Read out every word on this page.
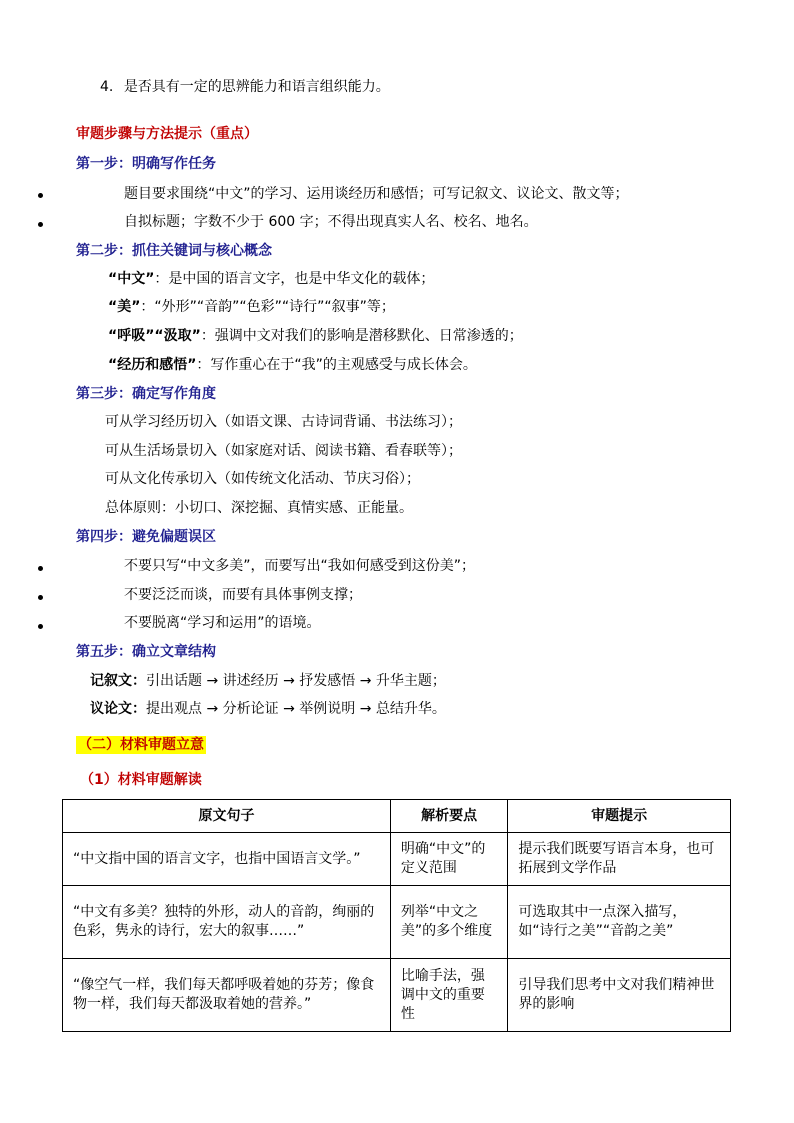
4. 是否具有一定的思辨能力和语言组织能力。
审题步骤与方法提示（重点）
第一步：明确写作任务
题目要求围绕“中文”的学习、运用谈经历和感悟；可写记叙文、议论文、散文等；
自拟标题；字数不少于 600 字；不得出现真实人名、校名、地名。
第二步：抓住关键词与核心概念
“中文”：是中国的语言文字，也是中华文化的载体；
“美”：“外形”“音韵”“色彩”“诗行”“叙事”等；
“呼吸”“汲取”：强调中文对我们的影响是潜移默化、日常渗透的；
“经历和感悟”：写作重心在于“我”的主观感受与成长体会。
第三步：确定写作角度
可从学习经历切入（如语文课、古诗词背诵、书法练习）；
可从生活场景切入（如家庭对话、阅读书籍、看春联等）；
可从文化传承切入（如传统文化活动、节庆习俗）；
总体原则：小切口、深挖掘、真情实感、正能量。
第四步：避免偏题误区
不要只写“中文多美”，而要写出“我如何感受到这份美”；
不要泛泛而谈，而要有具体事例支撑；
不要脱离“学习和运用”的语境。
第五步：确立文章结构
记叙文：引出话题 → 讲述经历 → 抒发感悟 → 升华主题；
议论文：提出观点 → 分析论证 → 举例说明 → 总结升华。
（二）材料审题立意
（1）材料审题解读
原文句子	解析要点	审题提示
“中文指中国的语言文字，也指中国语言文学。”	明确“中文”的定义范围	提示我们既要写语言本身，也可拓展到文学作品
“中文有多美？独特的外形，动人的音韵，绚丽的色彩，隽永的诗行，宏大的叙事……”	列举“中文之美”的多个维度	可选取其中一点深入描写，如“诗行之美”“音韵之美”
“像空气一样，我们每天都呼吸着她的芬芳；像食物一样，我们每天都汲取着她的营养。”	比喻手法，强调中文的重要性	引导我们思考中文对我们精神世界的影响
